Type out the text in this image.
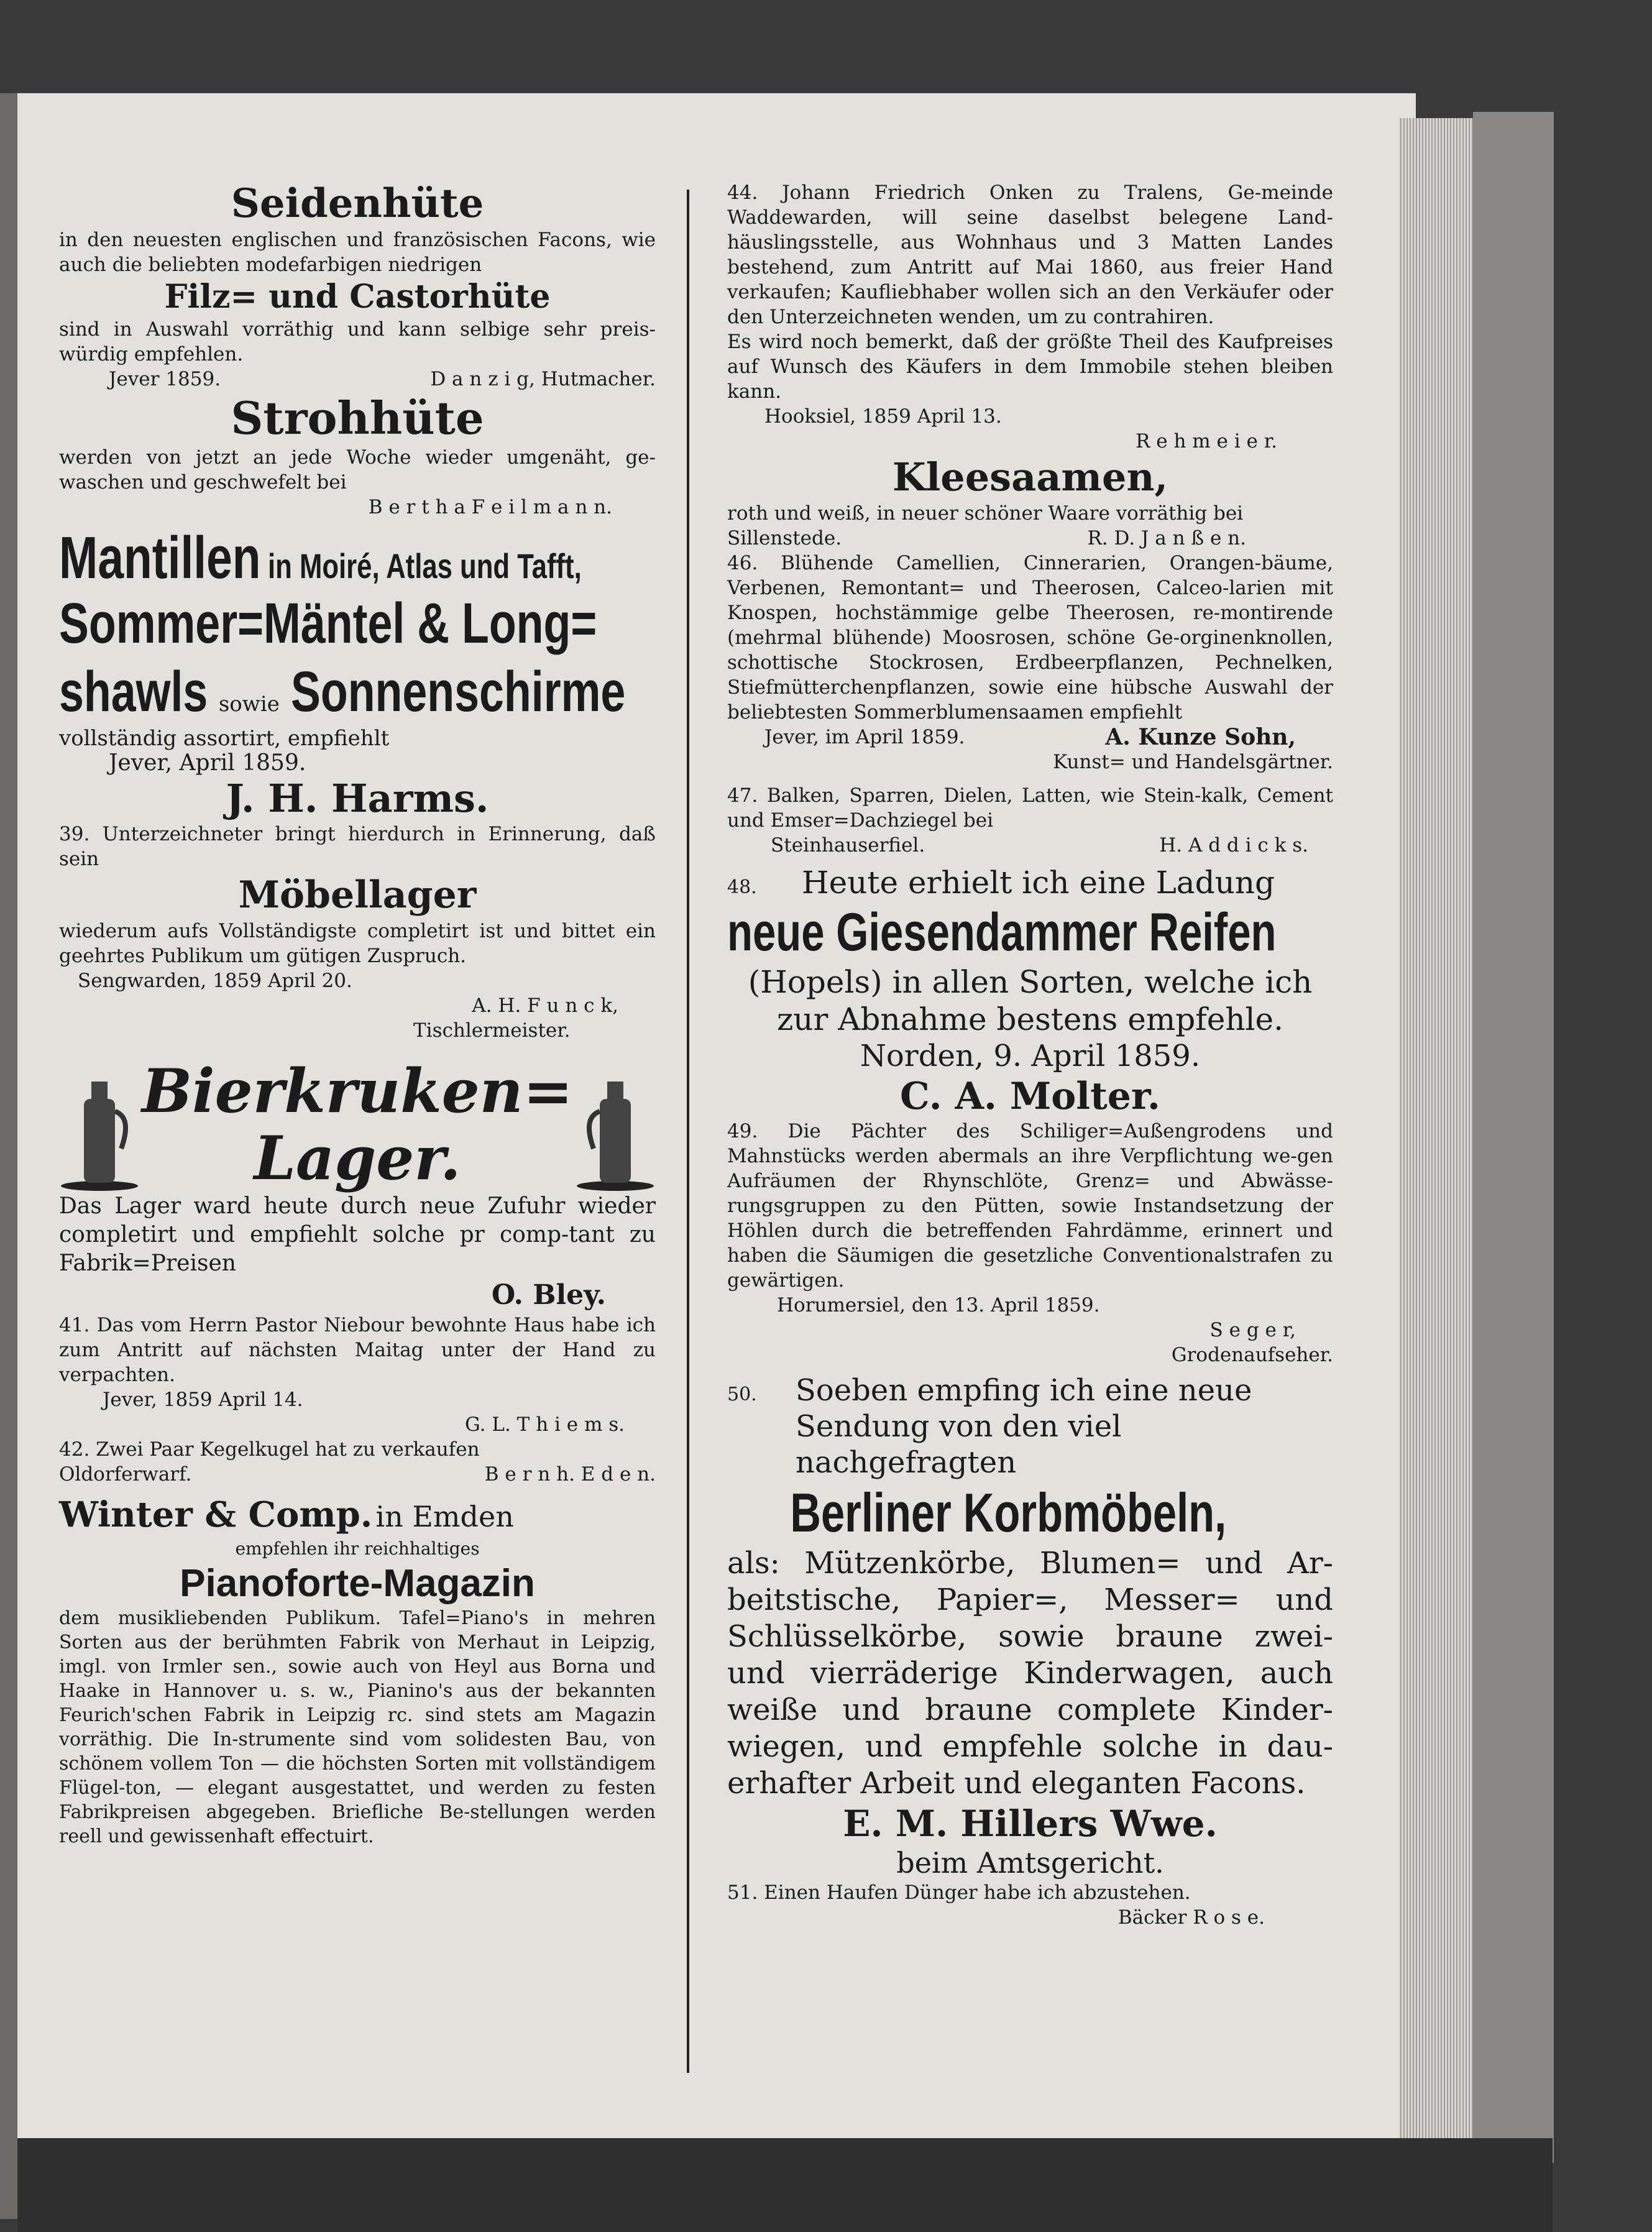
Seidenhüte

in den neuesten englischen und französischen Facons, wie auch die beliebten modefarbigen niedrigen

Filz= und Castorhüte

sind in Auswahl vorräthig und kann selbige sehr preis-würdig empfehlen.

Jever 1859.	D a n z i g, Hutmacher.

Strohhüte

werden von jetzt an jede Woche wieder umgenäht, ge-waschen und geschwefelt bei

B e r t h a F e i l m a n n.

Mantillen in Moiré, Atlas und Tafft,
Sommer=Mäntel & Long=
shawls sowie Sonnenschirme

vollständig assortirt, empfiehlt

Jever, April 1859.

J. H. Harms.

39. Unterzeichneter bringt hierdurch in Erinnerung, daß sein

Möbellager

wiederum aufs Vollständigste completirt ist und bittet ein geehrtes Publikum um gütigen Zuspruch.

Sengwarden, 1859 April 20.

A. H. F u n c k,

Tischlermeister.

Bierkruken=
Lager.

Das Lager ward heute durch neue Zufuhr wieder completirt und empfiehlt solche pr comp-tant zu Fabrik=Preisen

O. Bley.

41. Das vom Herrn Pastor Niebour bewohnte Haus habe ich zum Antritt auf nächsten Maitag unter der Hand zu verpachten.

Jever, 1859 April 14.

G. L. T h i e m s.

42. Zwei Paar Kegelkugel hat zu verkaufen

Oldorferwarf.	B e r n h. E d e n.
Winter & Comp. in Emden

empfehlen ihr reichhaltiges

Pianoforte-Magazin

dem musikliebenden Publikum. Tafel=Piano's in mehren Sorten aus der berühmten Fabrik von Merhaut in Leipzig, imgl. von Irmler sen., sowie auch von Heyl aus Borna und Haake in Hannover u. s. w., Pianino's aus der bekannten Feurich'schen Fabrik in Leipzig rc. sind stets am Magazin vorräthig. Die In-strumente sind vom solidesten Bau, von schönem vollem Ton — die höchsten Sorten mit vollständigem Flügel-ton, — elegant ausgestattet, und werden zu festen Fabrikpreisen abgegeben. Briefliche Be-stellungen werden reell und gewissenhaft effectuirt.

44. Johann Friedrich Onken zu Tralens, Ge-meinde Waddewarden, will seine daselbst belegene Land-häuslingsstelle, aus Wohnhaus und 3 Matten Landes bestehend, zum Antritt auf Mai 1860, aus freier Hand verkaufen; Kaufliebhaber wollen sich an den Verkäufer oder den Unterzeichneten wenden, um zu contrahiren.

Es wird noch bemerkt, daß der größte Theil des Kaufpreises auf Wunsch des Käufers in dem Immobile stehen bleiben kann.

Hooksiel, 1859 April 13.

R e h m e i e r.

Kleesaamen,

roth und weiß, in neuer schöner Waare vorräthig bei

Sillenstede.	R. D. J a n ß e n.

46. Blühende Camellien, Cinnerarien, Orangen-bäume, Verbenen, Remontant= und Theerosen, Calceo-larien mit Knospen, hochstämmige gelbe Theerosen, re-montirende (mehrmal blühende) Moosrosen, schöne Ge-orginenknollen, schottische Stockrosen, Erdbeerpflanzen, Pechnelken, Stiefmütterchenpflanzen, sowie eine hübsche Auswahl der beliebtesten Sommerblumensaamen empfiehlt

Jever, im April 1859.	A. Kunze Sohn,

Kunst= und Handelsgärtner.

47. Balken, Sparren, Dielen, Latten, wie Stein-kalk, Cement und Emser=Dachziegel bei

Steinhauserfiel.	H. A d d i c k s.
48.	Heute erhielt ich eine Ladung
neue Giesendammer Reifen

(Hopels) in allen Sorten, welche ich zur Abnahme bestens empfehle.

Norden, 9. April 1859.

C. A. Molter.

49. Die Pächter des Schiliger=Außengrodens und Mahnstücks werden abermals an ihre Verpflichtung we-gen Aufräumen der Rhynschlöte, Grenz= und Abwässe-rungsgruppen zu den Pütten, sowie Instandsetzung der Höhlen durch die betreffenden Fahrdämme, erinnert und haben die Säumigen die gesetzliche Conventionalstrafen zu gewärtigen.

Horumersiel, den 13. April 1859.

S e g e r,

Grodenaufseher.

50.	Soeben empfing ich eine neue Sendung von den viel nachgefragten
Berliner Korbmöbeln,

als: Mützenkörbe, Blumen= und Ar-beitstische, Papier=, Messer= und Schlüsselkörbe, sowie braune zwei- und vierräderige Kinderwagen, auch weiße und braune complete Kinder-wiegen, und empfehle solche in dau-erhafter Arbeit und eleganten Facons.

E. M. Hillers Wwe.

beim Amtsgericht.

51. Einen Haufen Dünger habe ich abzustehen.

Bäcker R o s e.
